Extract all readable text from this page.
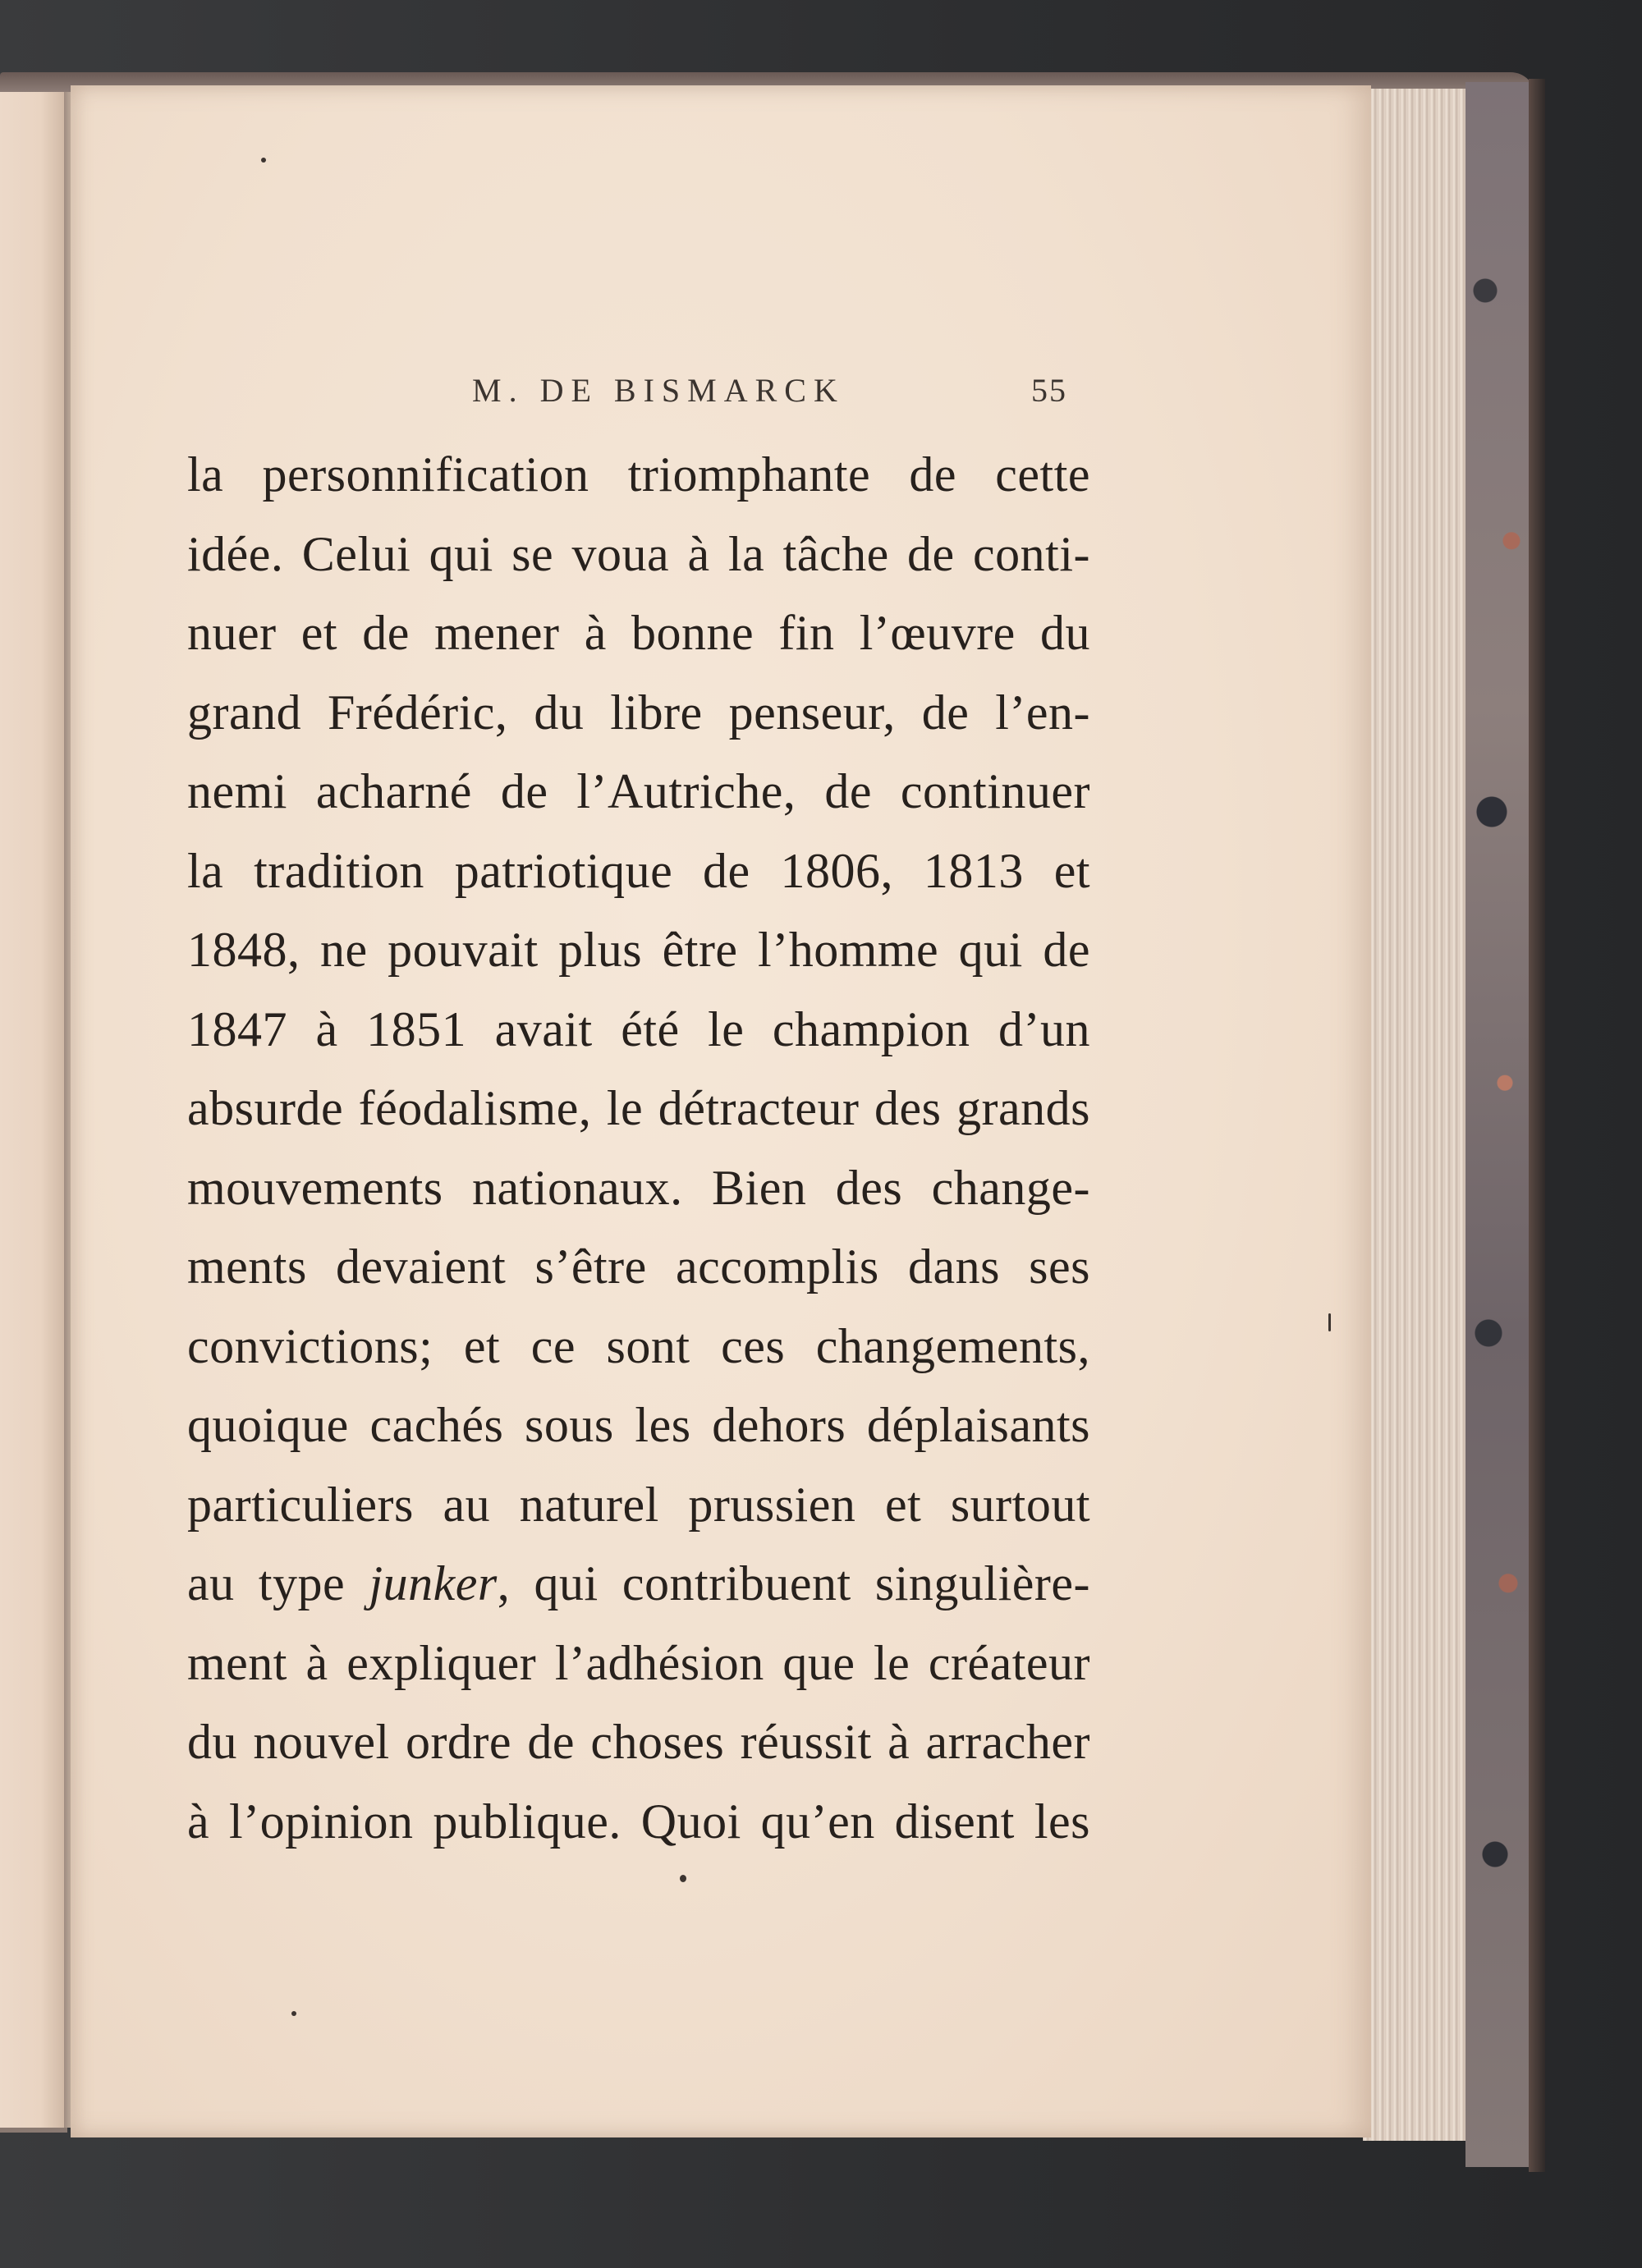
M. DE BISMARCK	55
la personnification triomphante de cette
idée. Celui qui se voua à la tâche de conti-
nuer et de mener à bonne fin l’œuvre du
grand Frédéric, du libre penseur, de l’en-
nemi acharné de l’Autriche, de continuer
la tradition patriotique de 1806, 1813 et
1848, ne pouvait plus être l’homme qui de
1847 à 1851 avait été le champion d’un
absurde féodalisme, le détracteur des grands
mouvements nationaux. Bien des change-
ments devaient s’être accomplis dans ses
convictions; et ce sont ces changements,
quoique cachés sous les dehors déplaisants
particuliers au naturel prussien et surtout
au type junker, qui contribuent singulière-
ment à expliquer l’adhésion que le créateur
du nouvel ordre de choses réussit à arracher
à l’opinion publique. Quoi qu’en disent les
